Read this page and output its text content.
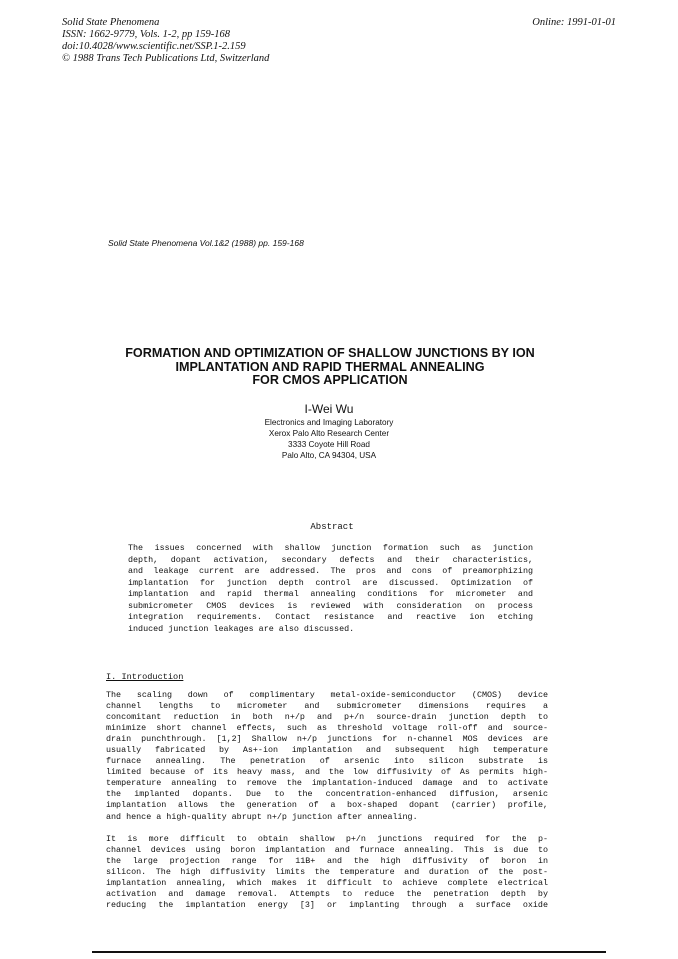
Solid State Phenomena
ISSN: 1662-9779, Vols. 1-2, pp 159-168
doi:10.4028/www.scientific.net/SSP.1-2.159
© 1988 Trans Tech Publications Ltd, Switzerland
Online: 1991-01-01
Solid State Phenomena Vol.1&2 (1988) pp. 159-168
FORMATION AND OPTIMIZATION OF SHALLOW JUNCTIONS BY ION
IMPLANTATION AND RAPID THERMAL ANNEALING
FOR CMOS APPLICATION
I-Wei Wu
Electronics and Imaging Laboratory
Xerox Palo Alto Research Center
3333 Coyote Hill Road
Palo Alto, CA 94304, USA
Abstract
The issues concerned with shallow junction formation such as junction
depth, dopant activation, secondary defects and their characteristics,
and leakage current are addressed. The pros and cons of preamorphizing
implantation for junction depth control are discussed. Optimization of
implantation and rapid thermal annealing conditions for micrometer and
submicrometer CMOS devices is reviewed with consideration on process
integration requirements. Contact resistance and reactive ion etching
induced junction leakages are also discussed.
I. Introduction
The scaling down of complimentary metal-oxide-semiconductor (CMOS) device
channel lengths to micrometer and submicrometer dimensions requires a
concomitant reduction in both n+/p and p+/n source-drain junction depth to
minimize short channel effects, such as threshold voltage roll-off and source-
drain punchthrough. [1,2] Shallow n+/p junctions for n-channel MOS devices are
usually fabricated by As+-ion implantation and subsequent high temperature
furnace annealing. The penetration of arsenic into silicon substrate is
limited because of its heavy mass, and the low diffusivity of As permits high-
temperature annealing to remove the implantation-induced damage and to activate
the implanted dopants. Due to the concentration-enhanced diffusion, arsenic
implantation allows the generation of a box-shaped dopant (carrier) profile,
and hence a high-quality abrupt n+/p junction after annealing.
It is more difficult to obtain shallow p+/n junctions required for the p-
channel devices using boron implantation and furnace annealing. This is due to
the large projection range for 11B+ and the high diffusivity of boron in
silicon. The high diffusivity limits the temperature and duration of the post-
implantation annealing, which makes it difficult to achieve complete electrical
activation and damage removal. Attempts to reduce the penetration depth by
reducing the implantation energy [3] or implanting through a surface oxide
